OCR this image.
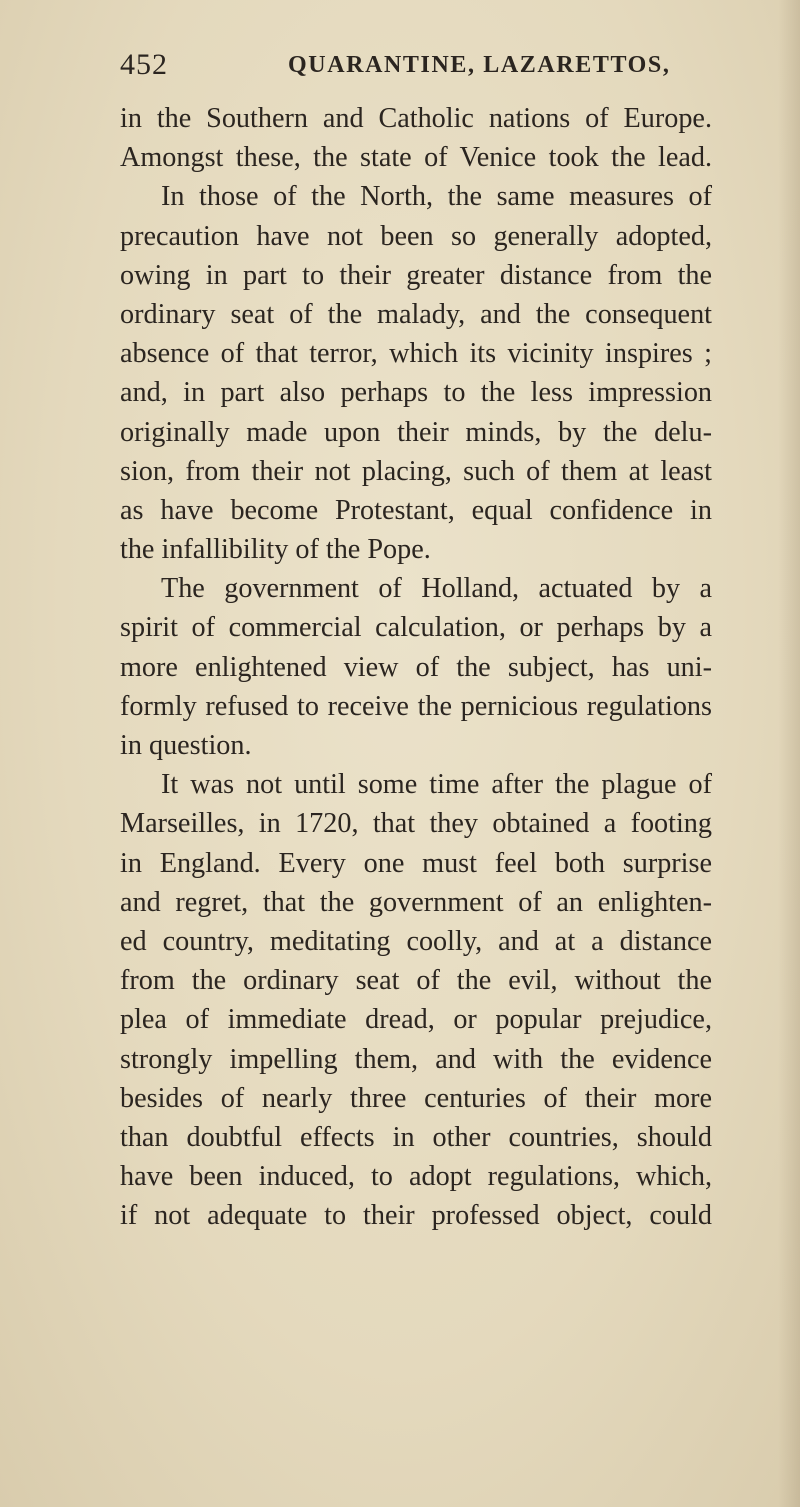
452	QUARANTINE, LAZARETTOS,
in the Southern and Catholic nations of Europe.
Amongst these, the state of Venice took the lead.
In those of the North, the same measures of
precaution have not been so generally adopted,
owing in part to their greater distance from the
ordinary seat of the malady, and the consequent
absence of that terror, which its vicinity inspires ;
and, in part also perhaps to the less impression
originally made upon their minds, by the delu-
sion, from their not placing, such of them at least
as have become Protestant, equal confidence in
the infallibility of the Pope.
The government of Holland, actuated by a
spirit of commercial calculation, or perhaps by a
more enlightened view of the subject, has uni-
formly refused to receive the pernicious regulations
in question.
It was not until some time after the plague of
Marseilles, in 1720, that they obtained a footing
in England. Every one must feel both surprise
and regret, that the government of an enlighten-
ed country, meditating coolly, and at a distance
from the ordinary seat of the evil, without the
plea of immediate dread, or popular prejudice,
strongly impelling them, and with the evidence
besides of nearly three centuries of their more
than doubtful effects in other countries, should
have been induced, to adopt regulations, which,
if not adequate to their professed object, could
